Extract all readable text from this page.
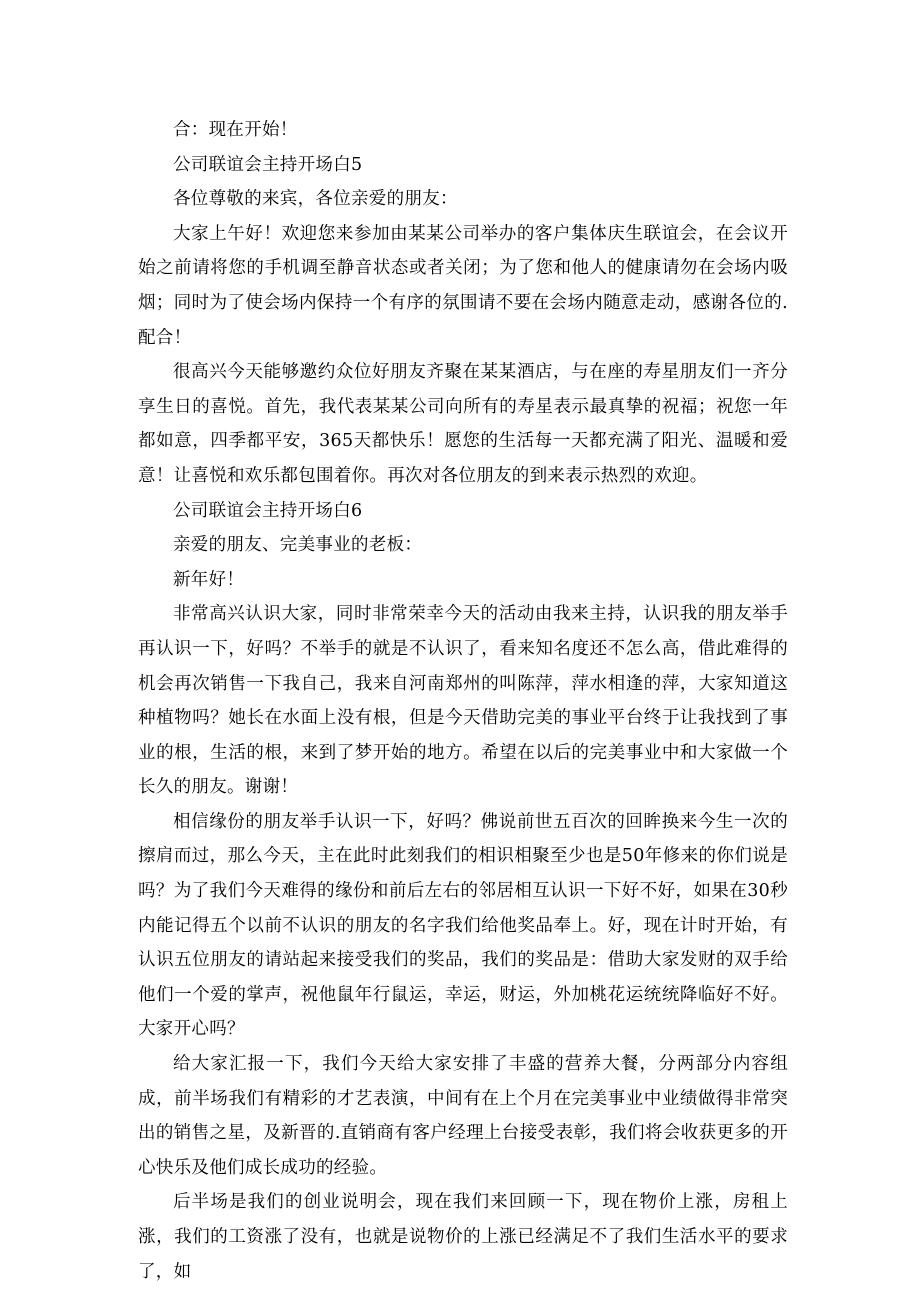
合：现在开始！

公司联谊会主持开场白5

各位尊敬的来宾，各位亲爱的朋友：

大家上午好！欢迎您来参加由某某公司举办的客户集体庆生联谊会，在会议开始之前请将您的手机调至静音状态或者关闭；为了您和他人的健康请勿在会场内吸烟；同时为了使会场内保持一个有序的氛围请不要在会场内随意走动，感谢各位的.配合！

很高兴今天能够邀约众位好朋友齐聚在某某酒店，与在座的寿星朋友们一齐分享生日的喜悦。首先，我代表某某公司向所有的寿星表示最真挚的祝福；祝您一年都如意，四季都平安，365天都快乐！愿您的生活每一天都充满了阳光、温暖和爱意！让喜悦和欢乐都包围着你。再次对各位朋友的到来表示热烈的欢迎。

公司联谊会主持开场白6

亲爱的朋友、完美事业的老板：

新年好！

非常高兴认识大家，同时非常荣幸今天的活动由我来主持，认识我的朋友举手再认识一下，好吗？不举手的就是不认识了，看来知名度还不怎么高，借此难得的机会再次销售一下我自己，我来自河南郑州的叫陈萍，萍水相逢的萍，大家知道这种植物吗？她长在水面上没有根，但是今天借助完美的事业平台终于让我找到了事业的根，生活的根，来到了梦开始的地方。希望在以后的完美事业中和大家做一个长久的朋友。谢谢！

相信缘份的朋友举手认识一下，好吗？佛说前世五百次的回眸换来今生一次的擦肩而过，那么今天，主在此时此刻我们的相识相聚至少也是50年修来的你们说是吗？为了我们今天难得的缘份和前后左右的邻居相互认识一下好不好，如果在30秒内能记得五个以前不认识的朋友的名字我们给他奖品奉上。好，现在计时开始，有认识五位朋友的请站起来接受我们的奖品，我们的奖品是：借助大家发财的双手给他们一个爱的掌声，祝他鼠年行鼠运，幸运，财运，外加桃花运统统降临好不好。大家开心吗？

给大家汇报一下，我们今天给大家安排了丰盛的营养大餐，分两部分内容组成，前半场我们有精彩的才艺表演，中间有在上个月在完美事业中业绩做得非常突出的销售之星，及新晋的.直销商有客户经理上台接受表彰，我们将会收获更多的开心快乐及他们成长成功的经验。

后半场是我们的创业说明会，现在我们来回顾一下，现在物价上涨，房租上涨，我们的工资涨了没有，也就是说物价的上涨已经满足不了我们生活水平的要求了，如
